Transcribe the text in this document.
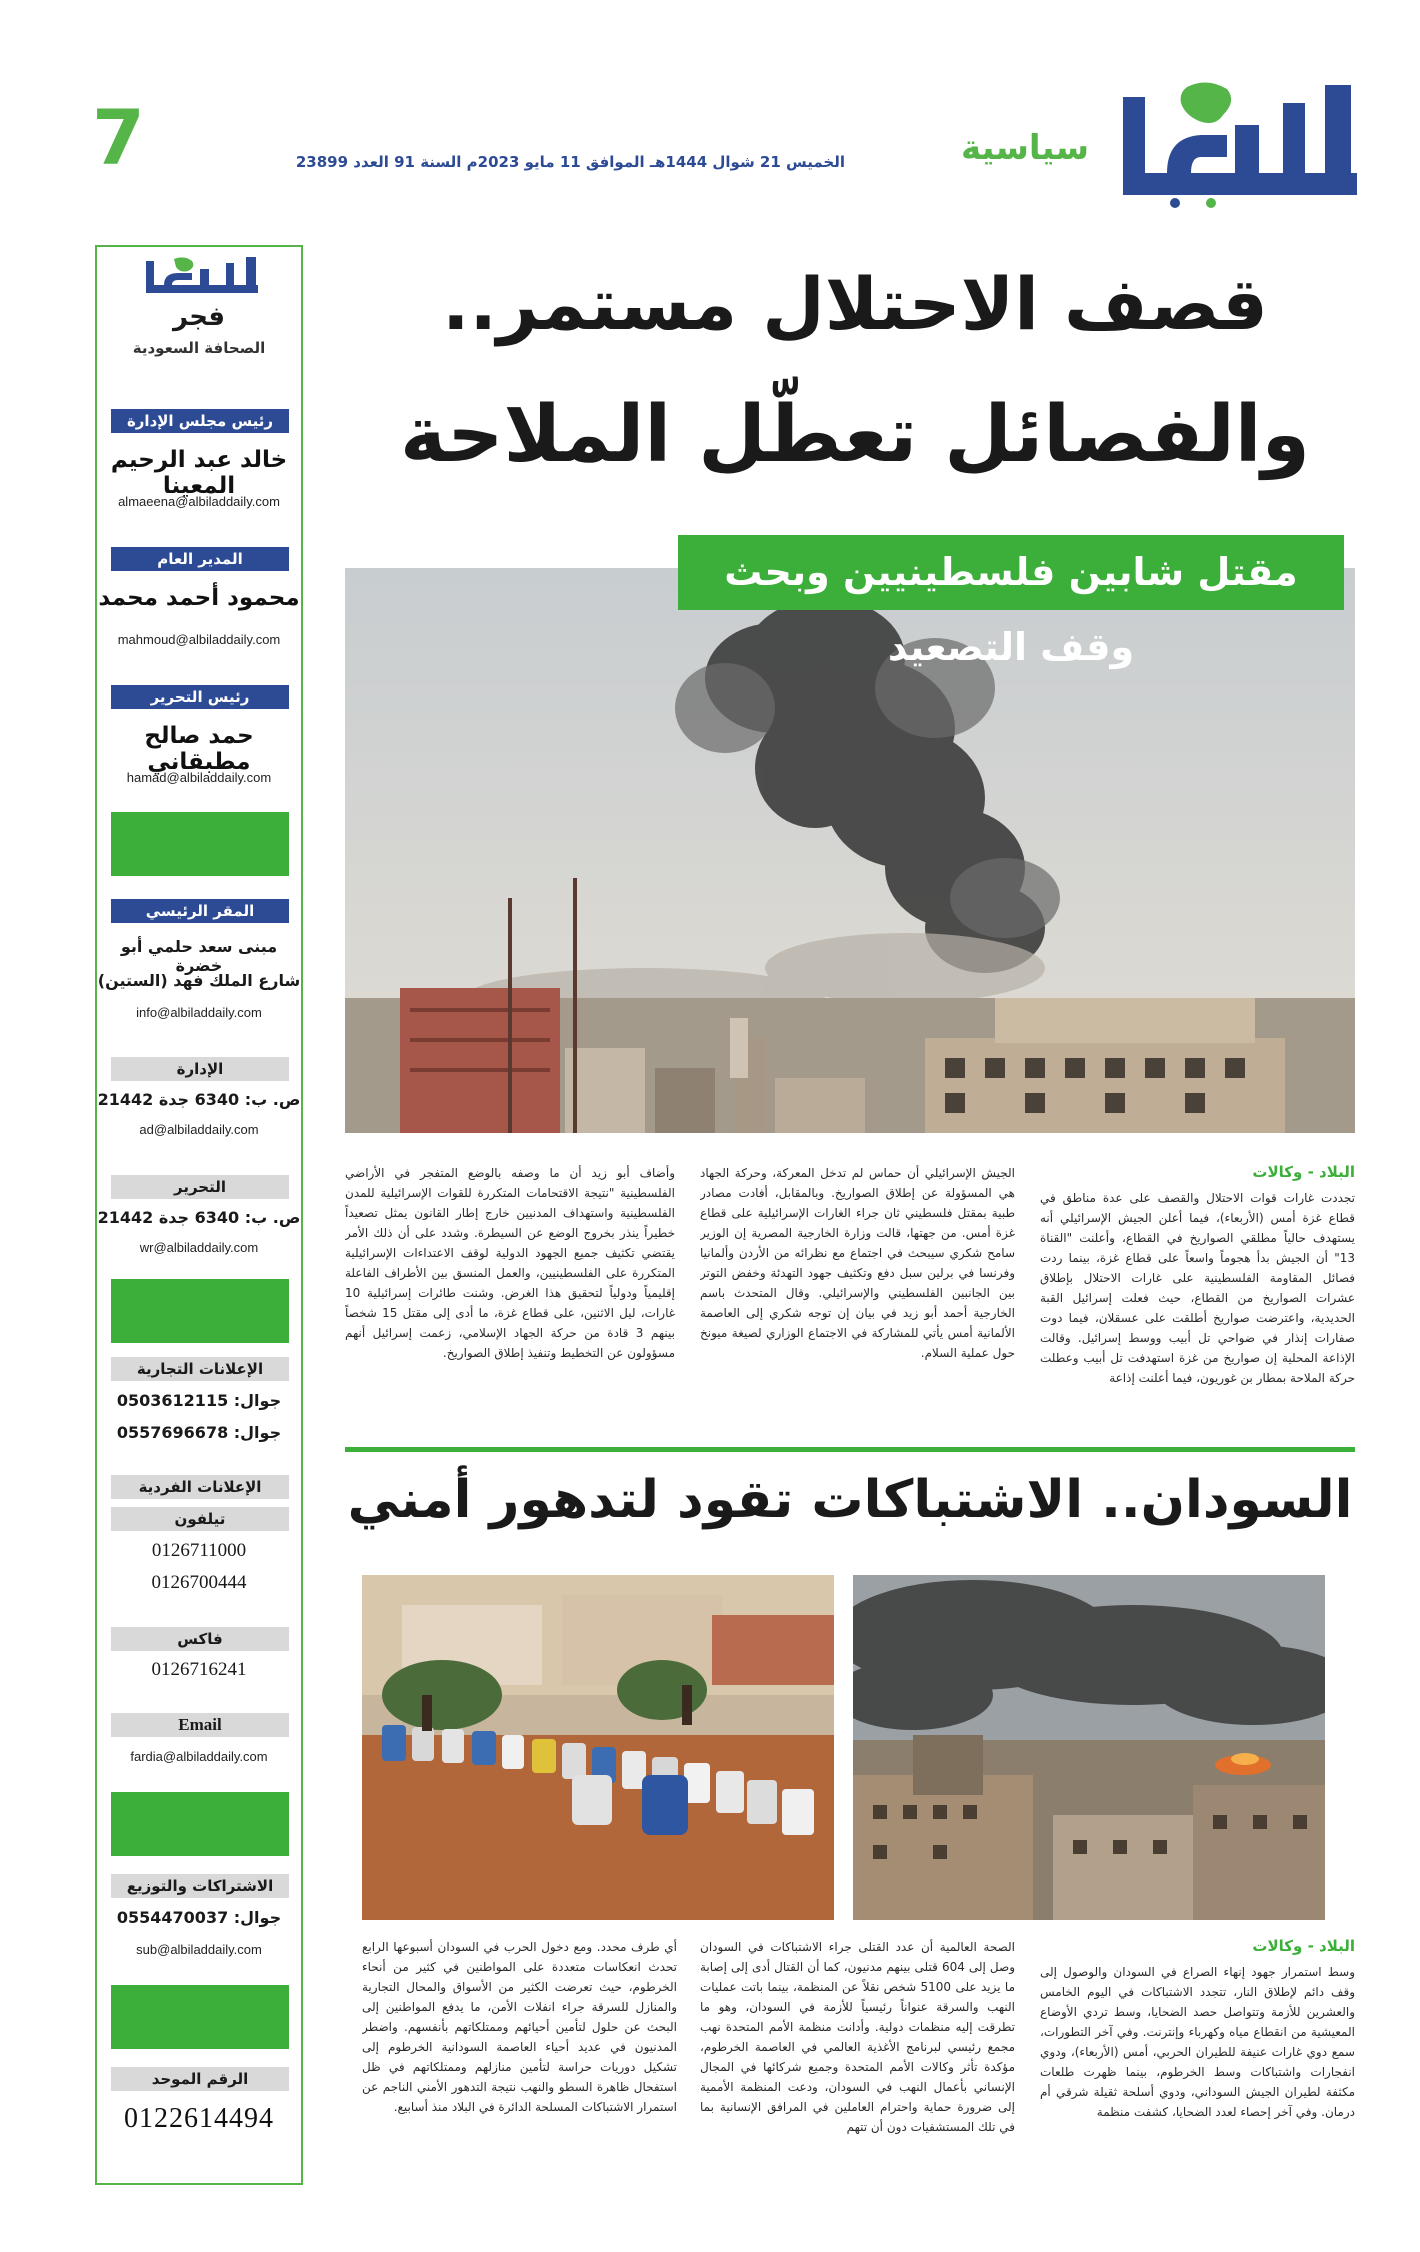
7	الخميس 21 شوال 1444هـ الموافق 11 مايو 2023م السنة 91 العدد 23899	سياسية
فجر
الصحافة السعودية
رئيس مجلس الإدارة
خالد عبد الرحيم المعينا
almaeena@albiladdaily.com
المدير العام
محمود أحمد محمد
mahmoud@albiladdaily.com
رئيس التحرير
حمد صالح مطبقاني
hamad@albiladdaily.com
المقر الرئيسي
مبنى سعد حلمي أبو خضرة
شارع الملك فهد (الستين)
info@albiladdaily.com
الإدارة
ص. ب: 6340 جدة 21442
ad@albiladdaily.com
التحرير
ص. ب: 6340 جدة 21442
wr@albiladdaily.com
الإعلانات التجارية
جوال: 0503612115
جوال: 0557696678
الإعلانات الفردية
تيلفون
0126711000
0126700444
فاكس
0126716241
Email
fardia@albiladdaily.com
الاشتراكات والتوزيع
جوال: 0554470037
sub@albiladdaily.com
الرقم الموحد
0122614494
قصف الاحتلال مستمر..
والفصائل تعطّل الملاحة
مقتل شابين فلسطينيين وبحث وقف التصعيد
البلاد - وكالات
تجددت غارات قوات الاحتلال والقصف على عدة مناطق في قطاع غزة أمس (الأربعاء)، فيما أعلن الجيش الإسرائيلي أنه يستهدف حالياً مطلقي الصواريخ في القطاع، وأعلنت "القناة 13" أن الجيش بدأ هجوماً واسعاً على قطاع غزة، بينما ردت فصائل المقاومة الفلسطينية على غارات الاحتلال بإطلاق عشرات الصواريخ من القطاع، حيث فعلت إسرائيل القبة الحديدية، واعترضت صواريخ أطلقت على عسقلان، فيما دوت صفارات إنذار في ضواحي تل أبيب ووسط إسرائيل. وقالت الإذاعة المحلية إن صواريخ من غزة استهدفت تل أبيب وعطلت حركة الملاحة بمطار بن غوريون، فيما أعلنت إذاعة
الجيش الإسرائيلي أن حماس لم تدخل المعركة، وحركة الجهاد هي المسؤولة عن إطلاق الصواريخ. وبالمقابل، أفادت مصادر طبية بمقتل فلسطيني ثان جراء الغارات الإسرائيلية على قطاع غزة أمس. من جهتها، قالت وزارة الخارجية المصرية إن الوزير سامح شكري سيبحث في اجتماع مع نظرائه من الأردن وألمانيا وفرنسا في برلين سبل دفع وتكثيف جهود التهدئة وخفض التوتر بين الجانبين الفلسطيني والإسرائيلي. وقال المتحدث باسم الخارجية أحمد أبو زيد في بيان إن توجه شكري إلى العاصمة الألمانية أمس يأتي للمشاركة في الاجتماع الوزاري لصيغة ميونخ حول عملية السلام.
وأضاف أبو زيد أن ما وصفه بالوضع المتفجر في الأراضي الفلسطينية "نتيجة الاقتحامات المتكررة للقوات الإسرائيلية للمدن الفلسطينية واستهداف المدنيين خارج إطار القانون يمثل تصعيداً خطيراً ينذر بخروج الوضع عن السيطرة. وشدد على أن ذلك الأمر يقتضي تكثيف جميع الجهود الدولية لوقف الاعتداءات الإسرائيلية المتكررة على الفلسطينيين، والعمل المنسق بين الأطراف الفاعلة إقليمياً ودولياً لتحقيق هذا الغرض. وشنت طائرات إسرائيلية 10 غارات، ليل الاثنين، على قطاع غزة، ما أدى إلى مقتل 15 شخصاً بينهم 3 قادة من حركة الجهاد الإسلامي، زعمت إسرائيل أنهم مسؤولون عن التخطيط وتنفيذ إطلاق الصواريخ.
السودان.. الاشتباكات تقود لتدهور أمني
البلاد - وكالات
وسط استمرار جهود إنهاء الصراع في السودان والوصول إلى وقف دائم لإطلاق النار، تتجدد الاشتباكات في اليوم الخامس والعشرين للأزمة وتتواصل حصد الضحايا، وسط تردي الأوضاع المعيشية من انقطاع مياه وكهرباء وإنترنت. وفي آخر التطورات، سمع دوي غارات عنيفة للطيران الحربي، أمس (الأربعاء)، ودوي انفجارات واشتباكات وسط الخرطوم، بينما ظهرت طلعات مكثفة لطيران الجيش السوداني، ودوي أسلحة ثقيلة شرقي أم درمان. وفي آخر إحصاء لعدد الضحايا، كشفت منظمة
الصحة العالمية أن عدد القتلى جراء الاشتباكات في السودان وصل إلى 604 قتلى بينهم مدنيون، كما أن القتال أدى إلى إصابة ما يزيد على 5100 شخص نقلاً عن المنظمة، بينما باتت عمليات النهب والسرقة عنواناً رئيسياً للأزمة في السودان، وهو ما تطرقت إليه منظمات دولية. وأدانت منظمة الأمم المتحدة نهب مجمع رئيسي لبرنامج الأغذية العالمي في العاصمة الخرطوم، مؤكدة تأثر وكالات الأمم المتحدة وجميع شركائها في المجال الإنساني بأعمال النهب في السودان، ودعت المنظمة الأممية إلى ضرورة حماية واحترام العاملين في المرافق الإنسانية بما في تلك المستشفيات دون أن تتهم
أي طرف محدد. ومع دخول الحرب في السودان أسبوعها الرابع تحدث انعكاسات متعددة على المواطنين في كثير من أنحاء الخرطوم، حيث تعرضت الكثير من الأسواق والمحال التجارية والمنازل للسرقة جراء انفلات الأمن، ما يدفع المواطنين إلى البحث عن حلول لتأمين أحيائهم وممتلكاتهم بأنفسهم. واضطر المدنيون في عديد أحياء العاصمة السودانية الخرطوم إلى تشكيل دوريات حراسة لتأمين منازلهم وممتلكاتهم في ظل استفحال ظاهرة السطو والنهب نتيجة التدهور الأمني الناجم عن استمرار الاشتباكات المسلحة الدائرة في البلاد منذ أسابيع.
